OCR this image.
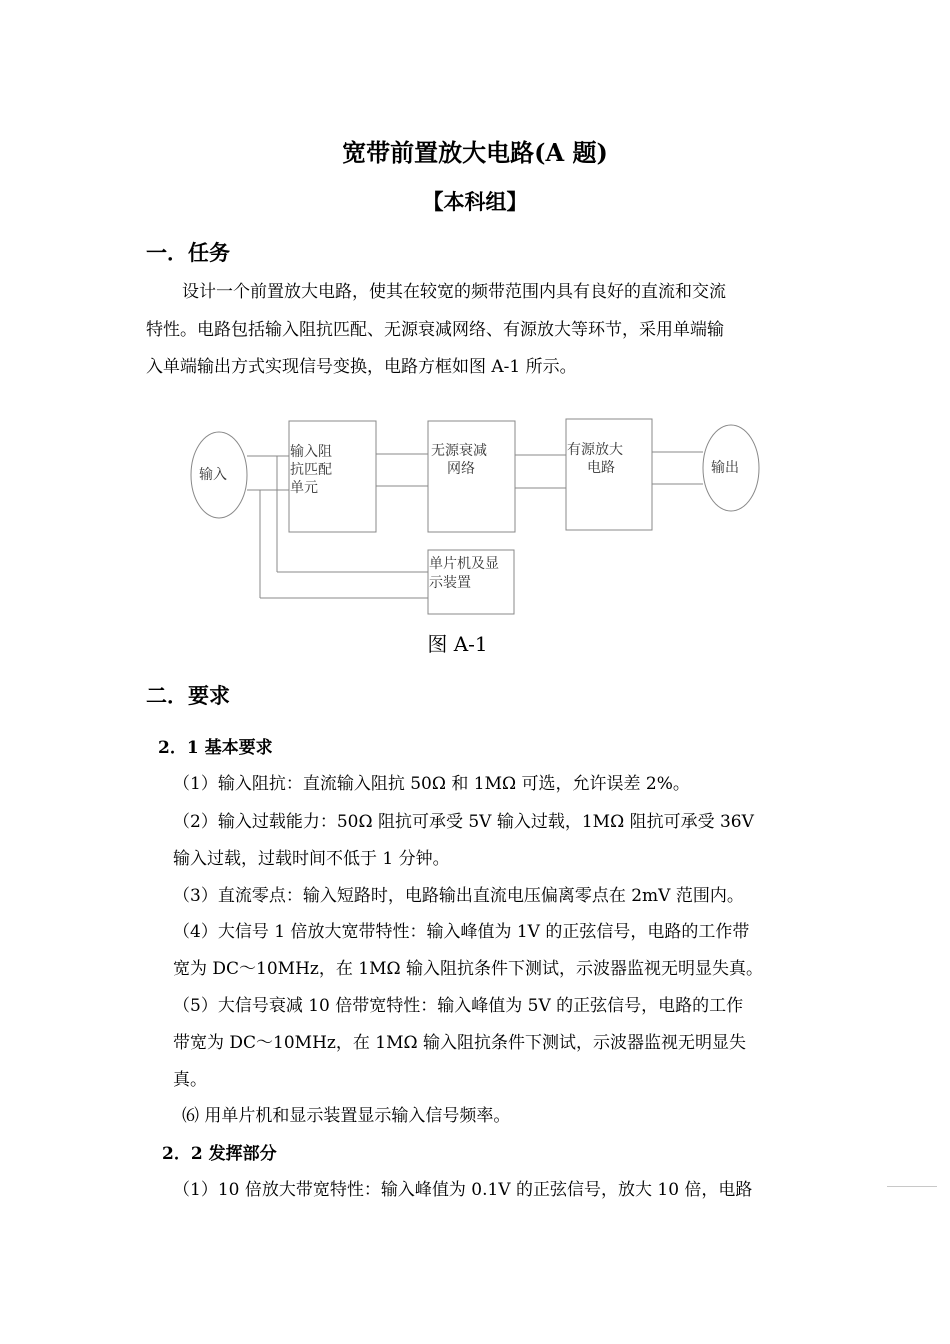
宽带前置放大电路(A 题)
【本科组】
一．任务
设计一个前置放大电路，使其在较宽的频带范围内具有良好的直流和交流
特性。电路包括输入阻抗匹配、无源衰减网络、有源放大等环节，采用单端输
入单端输出方式实现信号变换，电路方框如图 A-1 所示。
输入
输入阻
抗匹配
单元
无源衰减
网络
有源放大
电路	输出
单片机及显
示装置
图 A-1
二．要求
2．1 基本要求
（1）输入阻抗：直流输入阻抗 50Ω 和 1MΩ 可选，允许误差 2%。
（2）输入过载能力：50Ω 阻抗可承受 5V 输入过载，1MΩ 阻抗可承受 36V
输入过载，过载时间不低于 1 分钟。
（3）直流零点：输入短路时，电路输出直流电压偏离零点在 2mV 范围内。
（4）大信号 1 倍放大宽带特性：输入峰值为 1V 的正弦信号，电路的工作带
宽为 DC～10MHz，在 1MΩ 输入阻抗条件下测试，示波器监视无明显失真。
（5）大信号衰减 10 倍带宽特性：输入峰值为 5V 的正弦信号，电路的工作
带宽为 DC～10MHz，在 1MΩ 输入阻抗条件下测试，示波器监视无明显失
真。
⑹ 用单片机和显示装置显示输入信号频率。
2．2 发挥部分
（1）10 倍放大带宽特性：输入峰值为 0.1V 的正弦信号，放大 10 倍，电路
